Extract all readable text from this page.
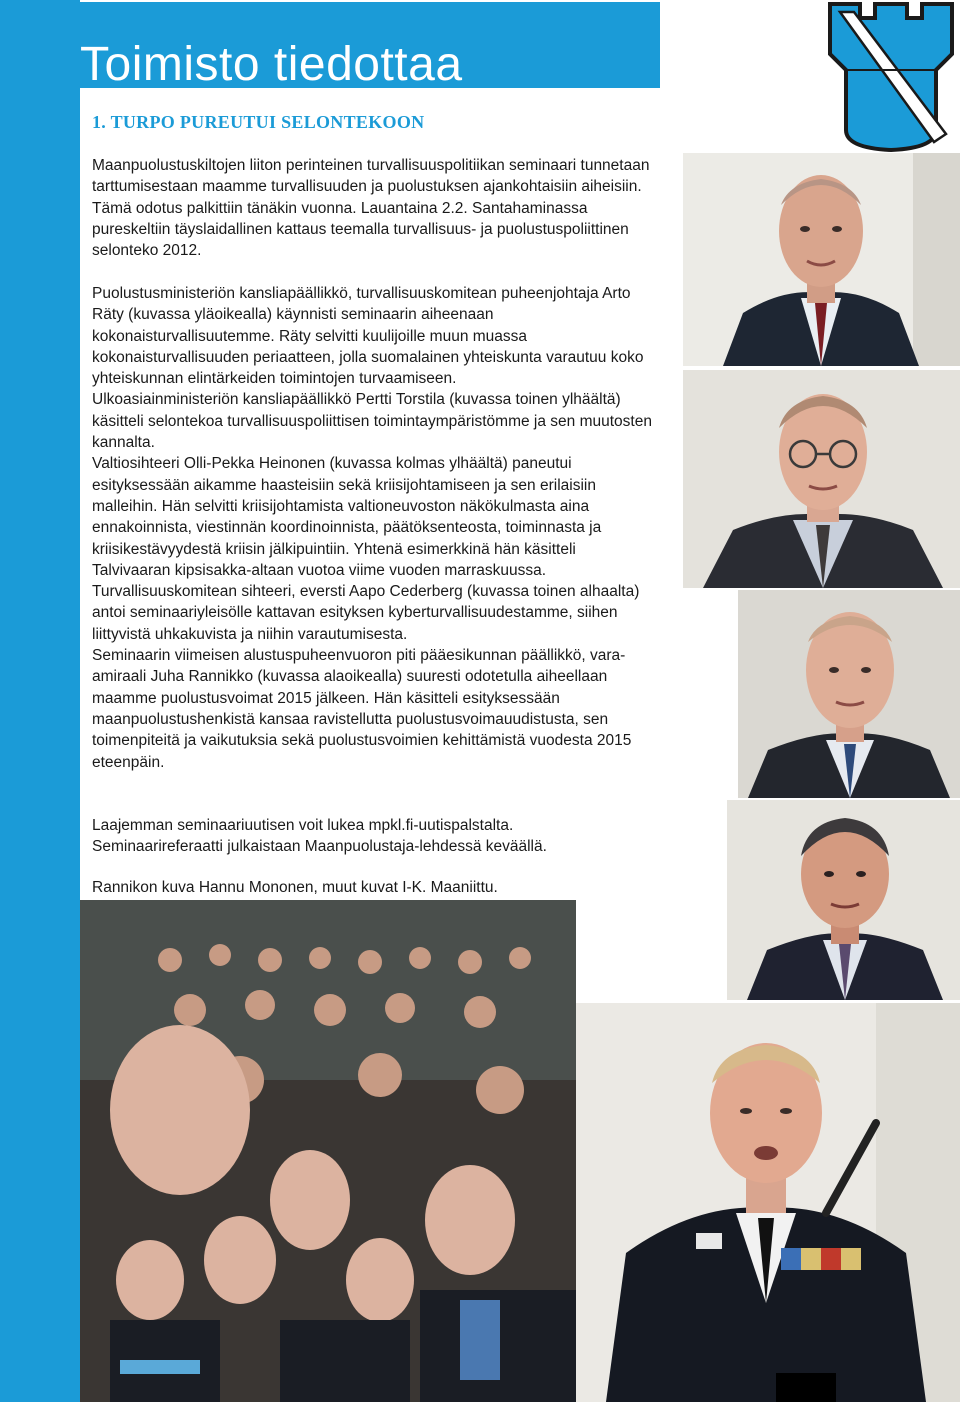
Toimisto tiedottaa
1. TURPO PUREUTUI SELONTEKOON

Maanpuolustuskiltojen liiton perinteinen turvallisuuspolitiikan seminaari tunnetaan tarttumisestaan maamme turvallisuuden ja puolustuksen ajankohtaisiin aiheisiin. Tämä odotus palkittiin tänäkin vuonna. Lauantaina 2.2. Santahaminassa pureskeltiin täyslaidallinen kattaus teemalla turvallisuus- ja puolustuspoliittinen selonteko 2012.

Puolustusministeriön kansliapäällikkö, turvallisuuskomitean puheenjohtaja Arto Räty (kuvassa yläoikealla) käynnisti seminaarin aiheenaan kokonaisturvallisuutemme. Räty selvitti kuulijoille muun muassa kokonaisturvallisuuden periaatteen, jolla suomalainen yhteiskunta varautuu koko yhteiskunnan elintärkeiden toimintojen turvaamiseen.

Ulkoasiainministeriön kansliapäällikkö Pertti Torstila (kuvassa toinen ylhäältä) käsitteli selontekoa turvallisuuspoliittisen toimintaympäristömme ja sen muutosten kannalta.

Valtiosihteeri Olli-Pekka Heinonen (kuvassa kolmas ylhäältä) paneutui esityksessään aikamme haasteisiin sekä kriisijohtamiseen ja sen erilaisiin malleihin. Hän selvitti kriisijohtamista valtioneuvoston näkökulmasta aina ennakoinnista, viestinnän koordinoinnista, päätöksenteosta, toiminnasta ja kriisikestävyydestä kriisin jälkipuintiin. Yhtenä esimerkkinä hän käsitteli Talvivaaran kipsisakka-altaan vuotoa viime vuoden marraskuussa.

Turvallisuuskomitean sihteeri, eversti Aapo Cederberg (kuvassa toinen alhaalta) antoi seminaariyleisölle kattavan esityksen kyberturvallisuudestamme, siihen liittyvistä uhkakuvista ja niihin varautumisesta.

Seminaarin viimeisen alustuspuheenvuoron piti pääesikunnan päällikkö, vara-amiraali Juha Rannikko (kuvassa alaoikealla) suuresti odotetulla aiheellaan maamme puolustusvoimat 2015 jälkeen. Hän käsitteli esityksessään maanpuolustushenkistä kansaa ravistellutta puolustusvoimauudistusta, sen toimenpiteitä ja vaikutuksia sekä puolustusvoimien kehittämistä vuodesta 2015 eteenpäin.

Laajemman seminaariuutisen voit lukea mpkl.fi-uutispalstalta.

Seminaarireferaatti julkaistaan Maanpuolustaja-lehdessä keväällä.

Rannikon kuva Hannu Mononen, muut kuvat I-K. Maaniittu.
